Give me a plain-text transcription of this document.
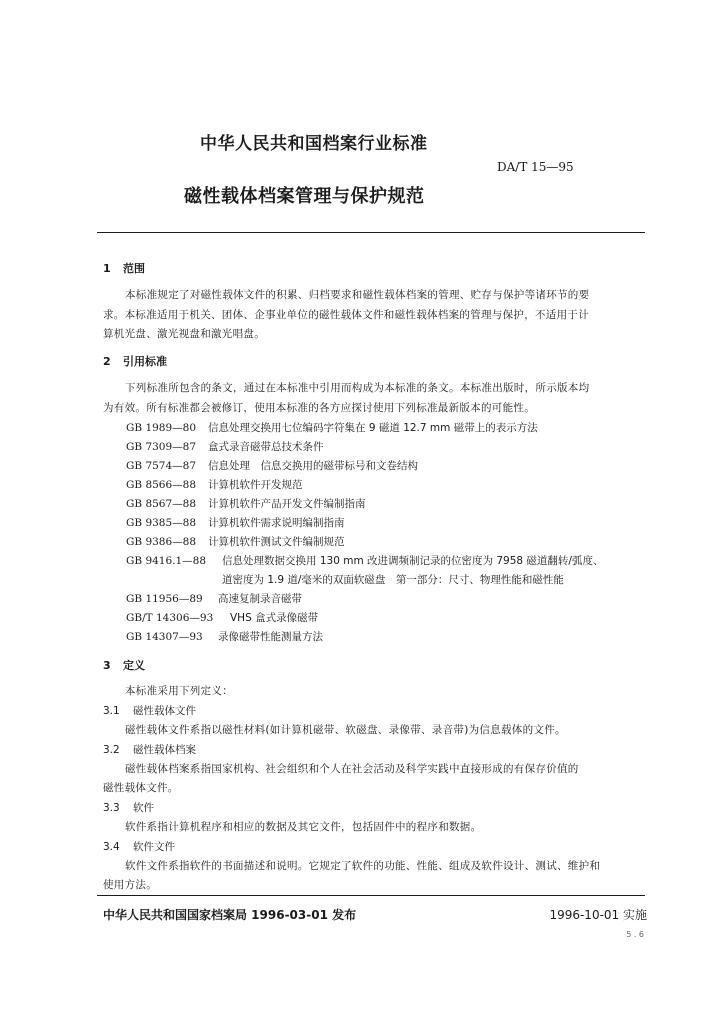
中华人民共和国档案行业标准
DA/T 15—95
磁性载体档案管理与保护规范
1 范围
本标准规定了对磁性载体文件的积累、归档要求和磁性载体档案的管理、贮存与保护等诸环节的要
求。本标准适用于机关、团体、企事业单位的磁性载体文件和磁性载体档案的管理与保护，不适用于计
算机光盘、激光视盘和激光唱盘。
2 引用标准
下列标准所包含的条文，通过在本标准中引用而构成为本标准的条文。本标准出版时，所示版本均
为有效。所有标准都会被修订，使用本标准的各方应探讨使用下列标准最新版本的可能性。
GB 1989—80 信息处理交换用七位编码字符集在 9 磁道 12.7 mm 磁带上的表示方法
GB 7309—87 盒式录音磁带总技术条件
GB 7574—87 信息处理　信息交换用的磁带标号和文卷结构
GB 8566—88 计算机软件开发规范
GB 8567—88 计算机软件产品开发文件编制指南
GB 9385—88 计算机软件需求说明编制指南
GB 9386—88 计算机软件测试文件编制规范
GB 9416.1—88 信息处理数据交换用 130 mm 改进调频制记录的位密度为 7958 磁道翻转/弧度、
道密度为 1.9 道/毫米的双面软磁盘　第一部分：尺寸、物理性能和磁性能
GB 11956—89 高速复制录音磁带
GB/T 14306—93 VHS 盒式录像磁带
GB 14307—93 录像磁带性能测量方法
3 定义
本标准采用下列定义：
3.1 磁性载体文件
磁性载体文件系指以磁性材料(如计算机磁带、软磁盘、录像带、录音带)为信息载体的文件。
3.2 磁性载体档案
磁性载体档案系指国家机构、社会组织和个人在社会活动及科学实践中直接形成的有保存价值的
磁性载体文件。
3.3 软件
软件系指计算机程序和相应的数据及其它文件，包括固件中的程序和数据。
3.4 软件文件
软件文件系指软件的书面描述和说明。它规定了软件的功能、性能、组成及软件设计、测试、维护和
使用方法。
中华人民共和国国家档案局 1996-03-01 发布	1996-10-01 实施
5 . 6
